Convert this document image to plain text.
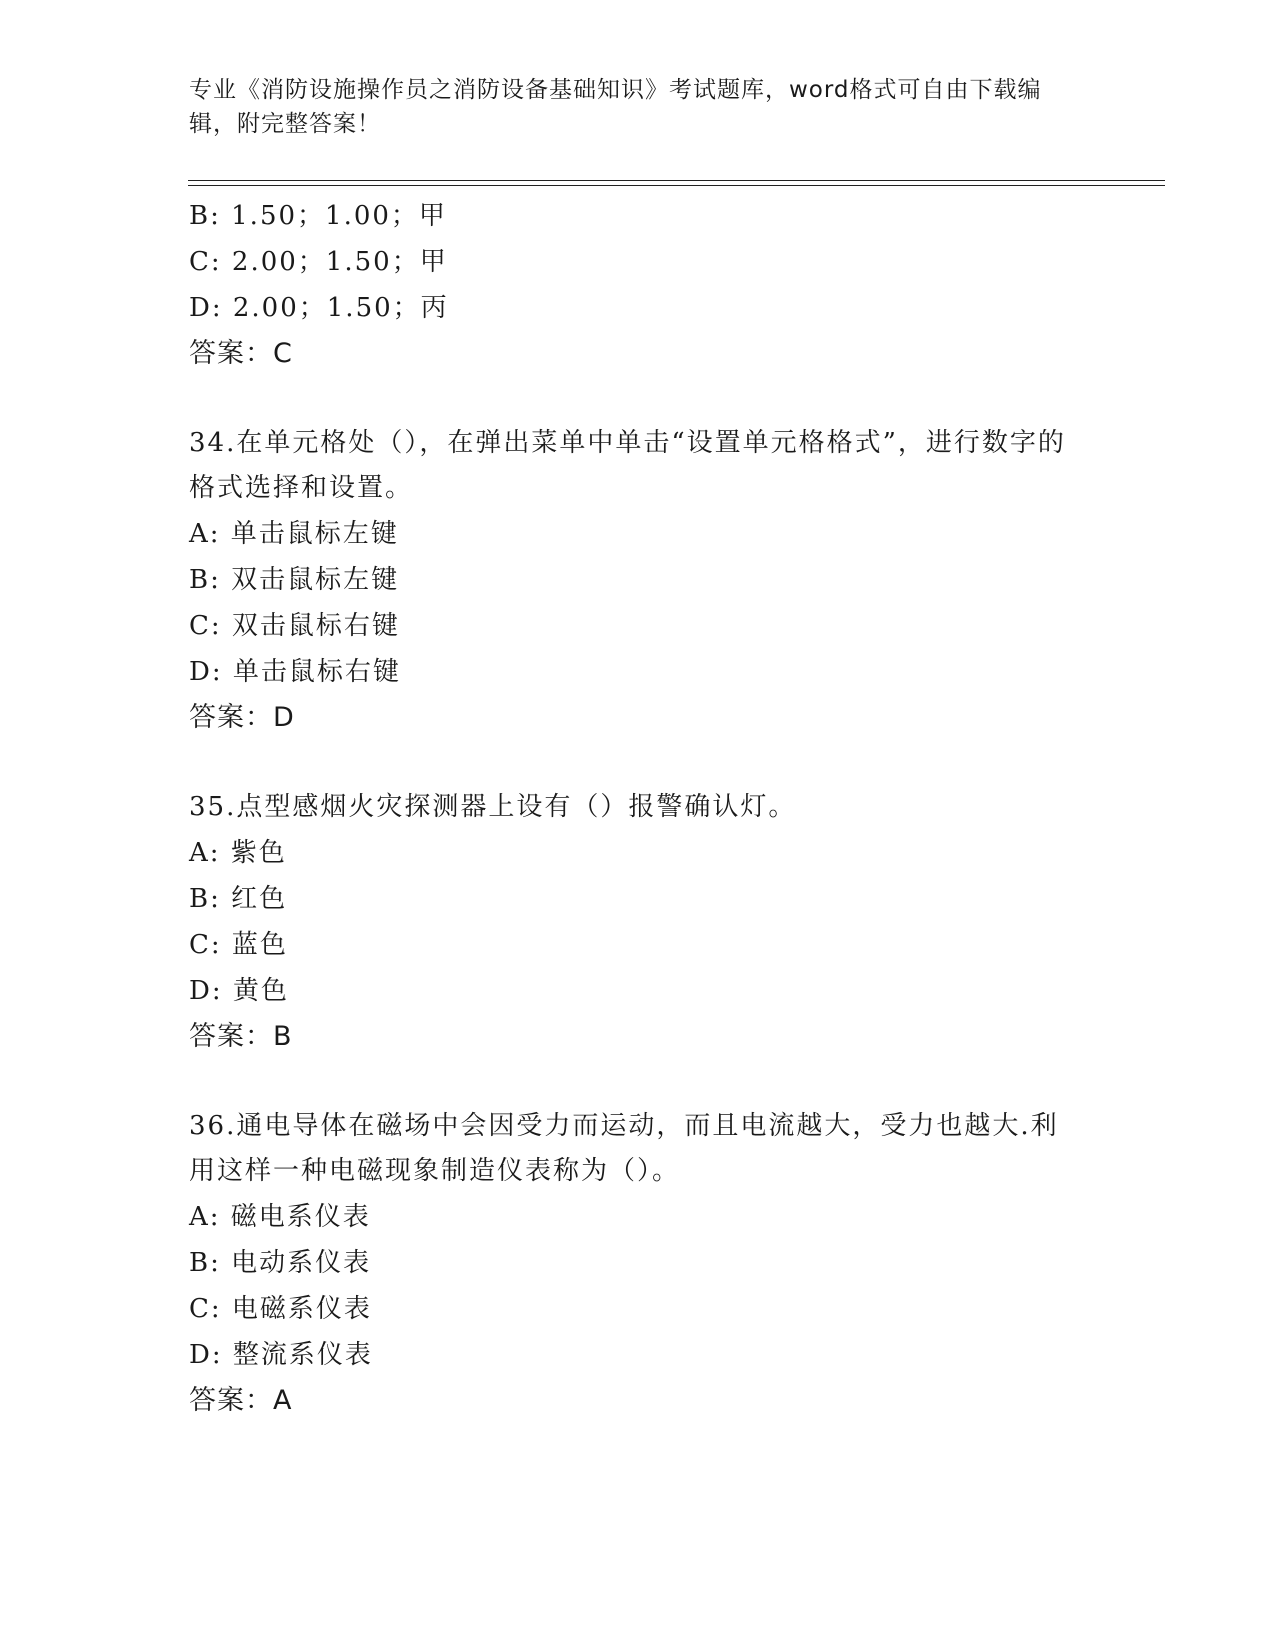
专业《消防设施操作员之消防设备基础知识》考试题库，word格式可自由下载编辑，附完整答案！
B: 1.50；1.00；甲
C: 2.00；1.50；甲
D: 2.00；1.50；丙
答案：C
34.在单元格处（），在弹出菜单中单击“设置单元格格式”，进行数字的格式选择和设置。
A: 单击鼠标左键
B: 双击鼠标左键
C: 双击鼠标右键
D: 单击鼠标右键
答案：D
35.点型感烟火灾探测器上设有（）报警确认灯。
A: 紫色
B: 红色
C: 蓝色
D: 黄色
答案：B
36.通电导体在磁场中会因受力而运动，而且电流越大，受力也越大.利用这样一种电磁现象制造仪表称为（）。
A: 磁电系仪表
B: 电动系仪表
C: 电磁系仪表
D: 整流系仪表
答案：A
